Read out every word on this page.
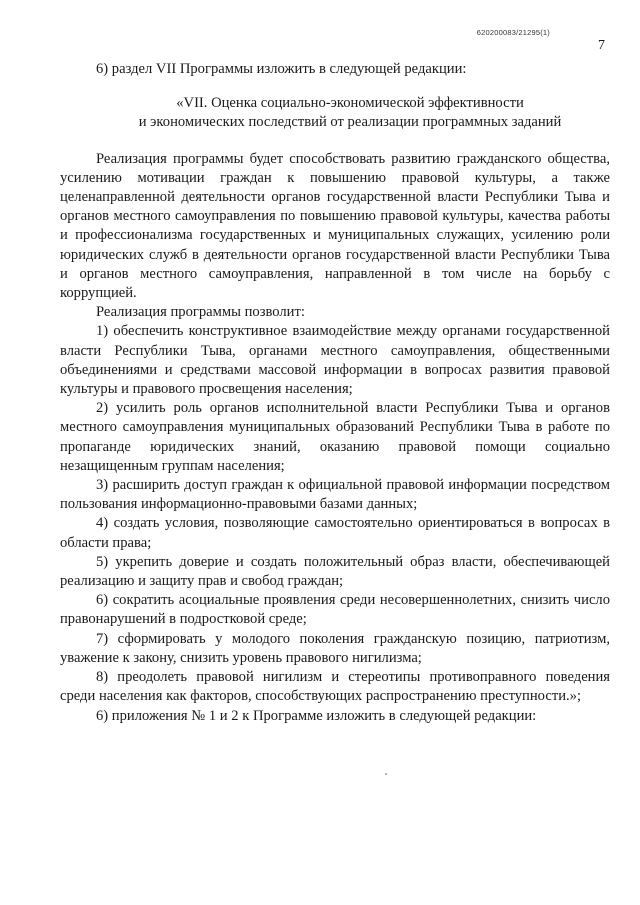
620200083/21295(1)
7

6) раздел VII Программы изложить в следующей редакции:

«VII. Оценка социально-экономической эффективности
и экономических последствий от реализации программных заданий

Реализация программы будет способствовать развитию гражданского общества, усилению мотивации граждан к повышению правовой культуры, а также целенаправленной деятельности органов государственной власти Республики Тыва и органов местного самоуправления по повышению правовой культуры, качества работы и профессионализма государственных и муниципальных служащих, усилению роли юридических служб в деятельности органов государственной власти Республики Тыва и органов местного самоуправления, направленной в том числе на борьбу с коррупцией.

Реализация программы позволит:

1) обеспечить конструктивное взаимодействие между органами государственной власти Республики Тыва, органами местного самоуправления, общественными объединениями и средствами массовой информации в вопросах развития правовой культуры и правового просвещения населения;

2) усилить роль органов исполнительной власти Республики Тыва и органов местного самоуправления муниципальных образований Республики Тыва в работе по пропаганде юридических знаний, оказанию правовой помощи социально незащищенным группам населения;

3) расширить доступ граждан к официальной правовой информации посредством пользования информационно-правовыми базами данных;

4) создать условия, позволяющие самостоятельно ориентироваться в вопросах в области права;

5) укрепить доверие и создать положительный образ власти, обеспечивающей реализацию и защиту прав и свобод граждан;

6) сократить асоциальные проявления среди несовершеннолетних, снизить число правонарушений в подростковой среде;

7) сформировать у молодого поколения гражданскую позицию, патриотизм, уважение к закону, снизить уровень правового нигилизма;

8) преодолеть правовой нигилизм и стереотипы противоправного поведения среди населения как факторов, способствующих распространению преступности.»;

6) приложения № 1 и 2 к Программе изложить в следующей редакции:
